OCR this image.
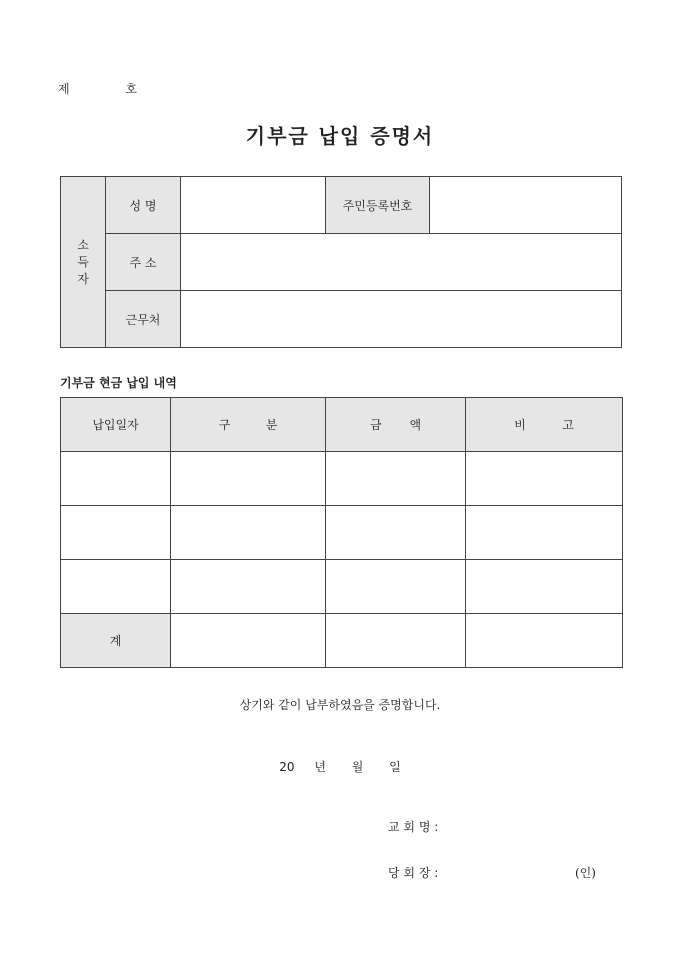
제	호
기부금 납입 증명서
소
득
자	성 명		주민등록번호	
	주 소			
	근무처			
기부금 현금 납입 내역
납입일자	구 분	금 액	비 고

계			
상기와 같이 납부하였음을 증명합니다.
20 년 월 일
교 회 명 :
당 회 장 :	(인)
